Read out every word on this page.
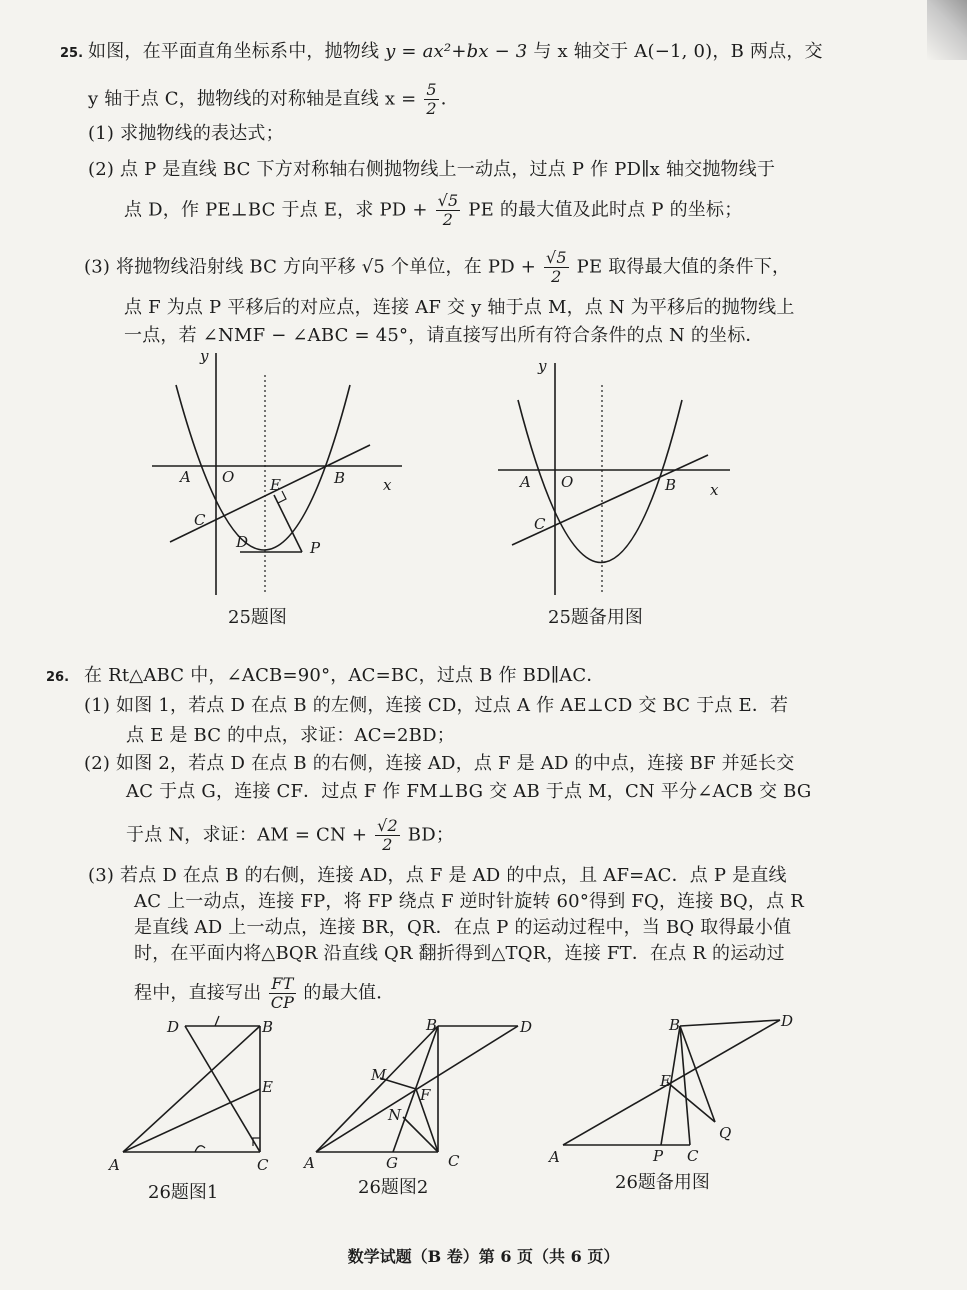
25. 如图，在平面直角坐标系中，抛物线 y = ax²+bx − 3 与 x 轴交于 A(−1, 0)，B 两点，交
y 轴于点 C，抛物线的对称轴是直线 $x = \frac{5}{2}$ ．
(1) 求抛物线的表达式；
(2) 点 P 是直线 BC 下方对称轴右侧抛物线上一动点，过点 P 作 PD∥x 轴交抛物线于
点 D，作 PE⊥BC 于点 E，求 PD + $\frac{√5}{2}$ PE 的最大值及此时点 P 的坐标；
(3) 将抛物线沿射线 BC 方向平移 √5 个单位，在 PD + $\frac{√5}{2}$ PE 取得最大值的条件下，
点 F 为点 P 平移后的对应点，连接 AF 交 y 轴于点 M，点 N 为平移后的抛物线上
一点，若 ∠NMF − ∠ABC = 45°，请直接写出所有符合条件的点 N 的坐标．
y
x
A O	B
C
E
D	P
25题图
y
x
A O	B
C
25题备用图
26. 在 Rt△ABC 中，∠ACB=90°，AC=BC，过点 B 作 BD∥AC．
(1) 如图 1，若点 D 在点 B 的左侧，连接 CD，过点 A 作 AE⊥CD 交 BC 于点 E．若
点 E 是 BC 的中点，求证：AC=2BD；
(2) 如图 2，若点 D 在点 B 的右侧，连接 AD，点 F 是 AD 的中点，连接 BF 并延长交
AC 于点 G，连接 CF．过点 F 作 FM⊥BG 交 AB 于点 M，CN 平分∠ACB 交 BG
于点 N，求证：AM = CN + $\frac{√2}{2}$ BD；
(3) 若点 D 在点 B 的右侧，连接 AD，点 F 是 AD 的中点，且 AF=AC．点 P 是直线
AC 上一动点，连接 FP，将 FP 绕点 F 逆时针旋转 60°得到 FQ，连接 BQ，点 R
是直线 AD 上一动点，连接 BR，QR．在点 P 的运动过程中，当 BQ 取得最小值
时，在平面内将△BQR 沿直线 QR 翻折得到△TQR，连接 FT．在点 R 的运动过
程中，直接写出 $\frac{FT}{CP}$ 的最大值．
D	B
E
A	C
26题图1
M
B	D
F
N
A	G	C
26题图2
B	D
E
Q
A	P C
26题备用图
数学试题（B 卷）第 6 页（共 6 页）
